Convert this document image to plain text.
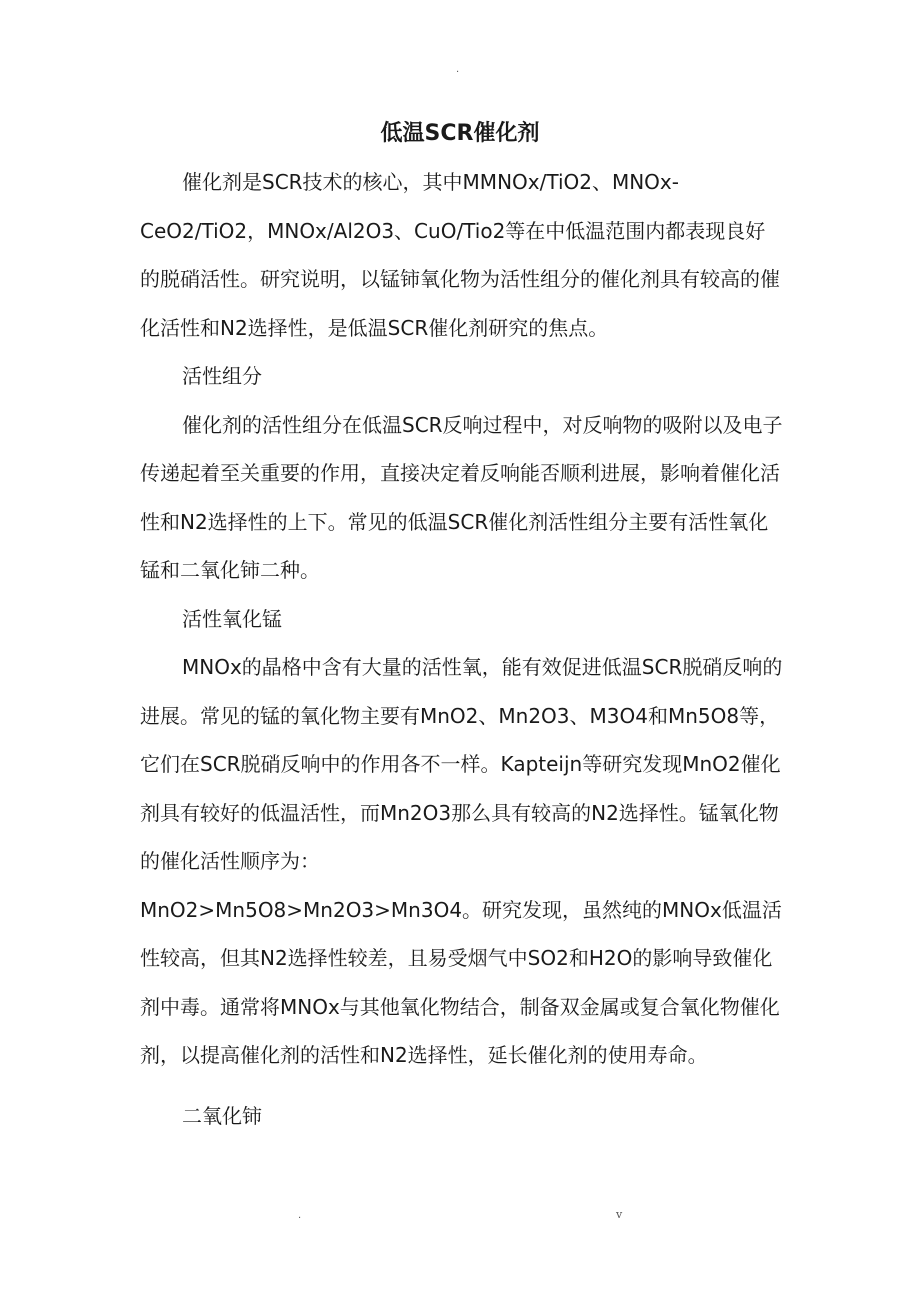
.
低温SCR催化剂

催化剂是SCR技术的核心，其中MMNOx/TiO2、MNOx-CeO2/TiO2，MNOx/Al2O3、CuO/Tio2等在中低温范围内都表现良好的脱硝活性。研究说明，以锰铈氧化物为活性组分的催化剂具有较高的催化活性和N2选择性，是低温SCR催化剂研究的焦点。

活性组分

催化剂的活性组分在低温SCR反响过程中，对反响物的吸附以及电子传递起着至关重要的作用，直接决定着反响能否顺利进展，影响着催化活性和N2选择性的上下。常见的低温SCR催化剂活性组分主要有活性氧化锰和二氧化铈二种。

活性氧化锰

MNOx的晶格中含有大量的活性氧，能有效促进低温SCR脱硝反响的进展。常见的锰的氧化物主要有MnO2、Mn2O3、M3O4和Mn5O8等，它们在SCR脱硝反响中的作用各不一样。Kapteijn等研究发现MnO2催化剂具有较好的低温活性，而Mn2O3那么具有较高的N2选择性。锰氧化物的催化活性顺序为：

MnO2>Mn5O8>Mn2O3>Mn3O4。研究发现，虽然纯的MNOx低温活性较高，但其N2选择性较差，且易受烟气中SO2和H2O的影响导致催化剂中毒。通常将MNOx与其他氧化物结合，制备双金属或复合氧化物催化剂，以提高催化剂的活性和N2选择性，延长催化剂的使用寿命。

二氧化铈

.	v
